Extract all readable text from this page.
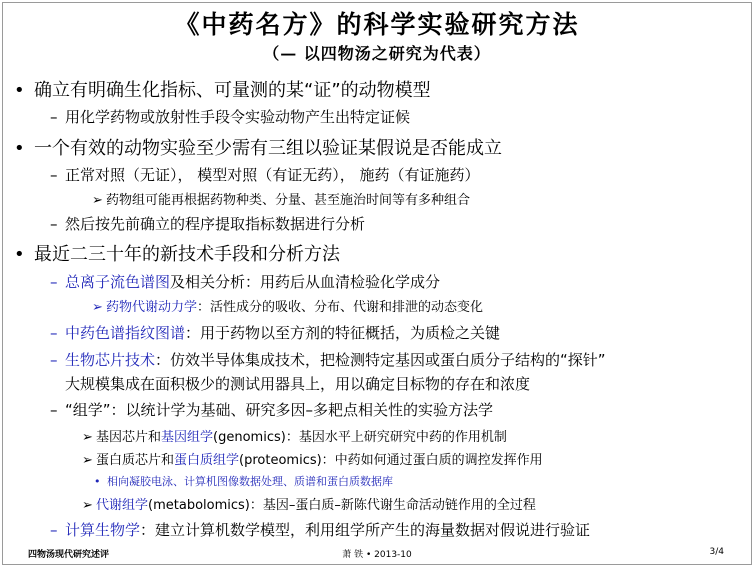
《中药名方》的科学实验研究方法
（— 以四物汤之研究为代表）
• 确立有明确生化指标、可量测的某“证”的动物模型
– 用化学药物或放射性手段令实验动物产生出特定证候
• 一个有效的动物实验至少需有三组以验证某假说是否能成立
– 正常对照（无证）， 模型对照（有证无药）， 施药（有证施药）
➢ 药物组可能再根据药物种类、分量、甚至施治时间等有多种组合
– 然后按先前确立的程序提取指标数据进行分析
• 最近二三十年的新技术手段和分析方法
– 总离子流色谱图及相关分析：用药后从血清检验化学成分
➢ 药物代谢动力学：活性成分的吸收、分布、代谢和排泄的动态变化
– 中药色谱指纹图谱：用于药物以至方剂的特征概括，为质检之关键
– 生物芯片技术：仿效半导体集成技术，把检测特定基因或蛋白质分子结构的“探针”
大规模集成在面积极少的测试用器具上，用以确定目标物的存在和浓度
– “组学”：以统计学为基础、研究多因–多耙点相关性的实验方法学
➢ 基因芯片和基因组学(genomics)：基因水平上研究研究中药的作用机制
➢ 蛋白质芯片和蛋白质组学(proteomics)：中药如何通过蛋白质的调控发挥作用
• 相向凝胶电泳、计算机图像数据处理、质谱和蛋白质数据库
➢ 代谢组学(metabolomics)：基因–蛋白质–新陈代谢生命活动链作用的全过程
– 计算生物学：建立计算机数学模型，利用组学所产生的海量数据对假说进行验证
四物汤现代研究述评	萧 铁 • 2013-10	3/4
